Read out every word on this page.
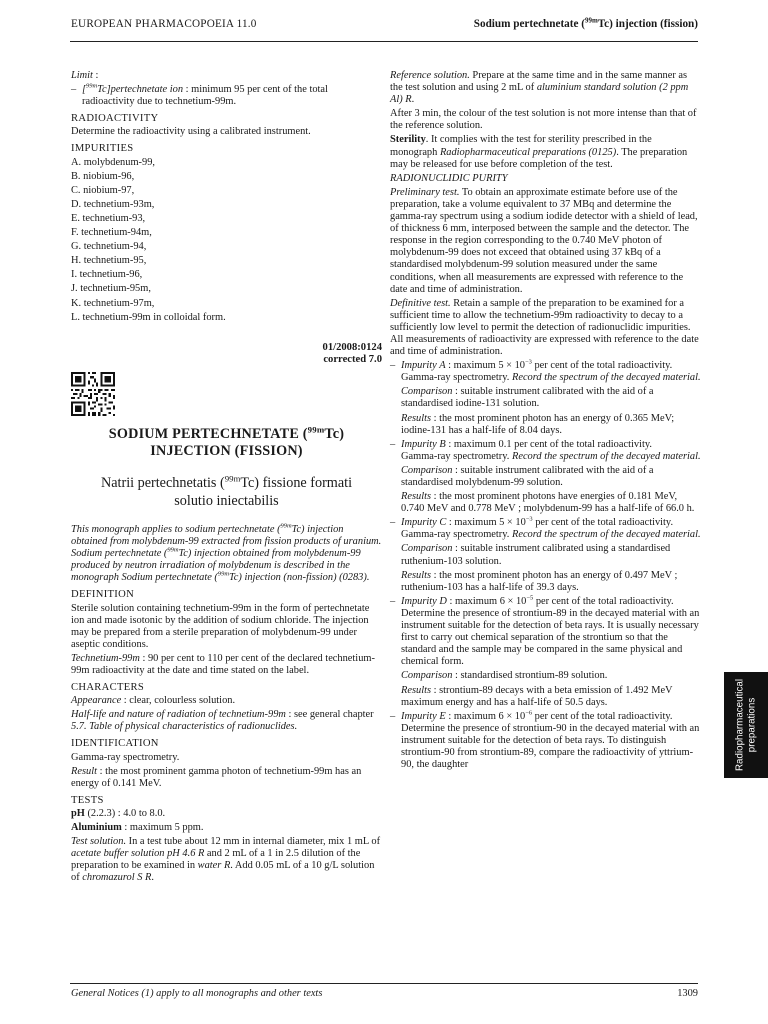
EUROPEAN PHARMACOPOEIA 11.0	Sodium pertechnetate ($^{99m}$Tc) injection (fission)
Limit :
– [$^{99m}$Tc]pertechnetate ion : minimum 95 per cent of the total radioactivity due to technetium-99m.
RADIOACTIVITY
Determine the radioactivity using a calibrated instrument.
IMPURITIES
A. molybdenum-99,
B. niobium-96,
C. niobium-97,
D. technetium-93m,
E. technetium-93,
F. technetium-94m,
G. technetium-94,
H. technetium-95,
I. technetium-96,
J. technetium-95m,
K. technetium-97m,
L. technetium-99m in colloidal form.
01/2008:0124
corrected 7.0
SODIUM PERTECHNETATE ($^{99m}$Tc)
INJECTION (FISSION)
Natrii pertechnetatis ($^{99m}$Tc) fissione formati
solutio iniectabilis
This monograph applies to sodium pertechnetate ($^{99m}$Tc) injection obtained from molybdenum-99 extracted from fission products of uranium. Sodium pertechnetate ($^{99m}$Tc) injection obtained from molybdenum-99 produced by neutron irradiation of molybdenum is described in the monograph Sodium pertechnetate ($^{99m}$Tc) injection (non-fission) (0283).
DEFINITION
Sterile solution containing technetium-99m in the form of pertechnetate ion and made isotonic by the addition of sodium chloride. The injection may be prepared from a sterile preparation of molybdenum-99 under aseptic conditions.
Technetium-99m : 90 per cent to 110 per cent of the declared technetium-99m radioactivity at the date and time stated on the label.
CHARACTERS
Appearance : clear, colourless solution.
Half-life and nature of radiation of technetium-99m : see general chapter 5.7. Table of physical characteristics of radionuclides.
IDENTIFICATION
Gamma-ray spectrometry.
Result : the most prominent gamma photon of technetium-99m has an energy of 0.141 MeV.
TESTS
pH (2.2.3) : 4.0 to 8.0.
Aluminium : maximum 5 ppm.
Test solution. In a test tube about 12 mm in internal diameter, mix 1 mL of acetate buffer solution pH 4.6 R and 2 mL of a 1 in 2.5 dilution of the preparation to be examined in water R. Add 0.05 mL of a 10 g/L solution of chromazurol S R.
Reference solution. Prepare at the same time and in the same manner as the test solution and using 2 mL of aluminium standard solution (2 ppm Al) R.
After 3 min, the colour of the test solution is not more intense than that of the reference solution.
Sterility. It complies with the test for sterility prescribed in the monograph Radiopharmaceutical preparations (0125). The preparation may be released for use before completion of the test.
RADIONUCLIDIC PURITY
Preliminary test. To obtain an approximate estimate before use of the preparation, take a volume equivalent to 37 MBq and determine the gamma-ray spectrum using a sodium iodide detector with a shield of lead, of thickness 6 mm, interposed between the sample and the detector. The response in the region corresponding to the 0.740 MeV photon of molybdenum-99 does not exceed that obtained using 37 kBq of a standardised molybdenum-99 solution measured under the same conditions, when all measurements are expressed with reference to the date and time of administration.
Definitive test. Retain a sample of the preparation to be examined for a sufficient time to allow the technetium-99m radioactivity to decay to a sufficiently low level to permit the detection of radionuclidic impurities. All measurements of radioactivity are expressed with reference to the date and time of administration.
– Impurity A : maximum $5 \times 10^{-3}$ per cent of the total radioactivity.
Gamma-ray spectrometry. Record the spectrum of the decayed material.
Comparison : suitable instrument calibrated with the aid of a standardised iodine-131 solution.
Results : the most prominent photon has an energy of 0.365 MeV; iodine-131 has a half-life of 8.04 days.
– Impurity B : maximum 0.1 per cent of the total radioactivity.
Gamma-ray spectrometry. Record the spectrum of the decayed material.
Comparison : suitable instrument calibrated with the aid of a standardised molybdenum-99 solution.
Results : the most prominent photons have energies of 0.181 MeV, 0.740 MeV and 0.778 MeV ; molybdenum-99 has a half-life of 66.0 h.
– Impurity C : maximum $5 \times 10^{-3}$ per cent of the total radioactivity.
Gamma-ray spectrometry. Record the spectrum of the decayed material.
Comparison : suitable instrument calibrated using a standardised ruthenium-103 solution.
Results : the most prominent photon has an energy of 0.497 MeV ; ruthenium-103 has a half-life of 39.3 days.
– Impurity D : maximum $6 \times 10^{-5}$ per cent of the total radioactivity.
Determine the presence of strontium-89 in the decayed material with an instrument suitable for the detection of beta rays. It is usually necessary first to carry out chemical separation of the strontium so that the standard and the sample may be compared in the same physical and chemical form.
Comparison : standardised strontium-89 solution.
Results : strontium-89 decays with a beta emission of 1.492 MeV maximum energy and has a half-life of 50.5 days.
– Impurity E : maximum $6 \times 10^{-6}$ per cent of the total radioactivity.
Determine the presence of strontium-90 in the decayed material with an instrument suitable for the detection of beta rays. To distinguish strontium-90 from strontium-89, compare the radioactivity of yttrium-90, the daughter	Radiopharmaceutical preparations
General Notices (1) apply to all monographs and other texts	1309
